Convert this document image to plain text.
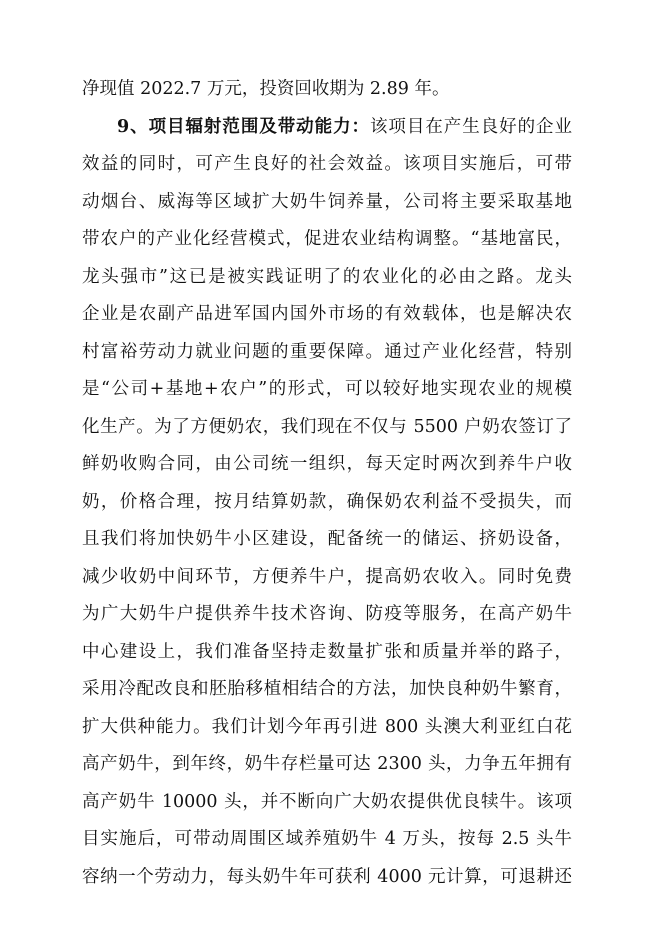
净现值 2022.7 万元，投资回收期为 2.89 年。
9、项目辐射范围及带动能力：该项目在产生良好的企业
效益的同时，可产生良好的社会效益。该项目实施后，可带
动烟台、威海等区域扩大奶牛饲养量，公司将主要采取基地
带农户的产业化经营模式，促进农业结构调整。“基地富民，
龙头强市”这已是被实践证明了的农业化的必由之路。龙头
企业是农副产品进军国内国外市场的有效载体，也是解决农
村富裕劳动力就业问题的重要保障。通过产业化经营，特别
是“公司+基地+农户”的形式，可以较好地实现农业的规模
化生产。为了方便奶农，我们现在不仅与 5500 户奶农签订了
鲜奶收购合同，由公司统一组织，每天定时两次到养牛户收
奶，价格合理，按月结算奶款，确保奶农利益不受损失，而
且我们将加快奶牛小区建设，配备统一的储运、挤奶设备，
减少收奶中间环节，方便养牛户，提高奶农收入。同时免费
为广大奶牛户提供养牛技术咨询、防疫等服务，在高产奶牛
中心建设上，我们准备坚持走数量扩张和质量并举的路子，
采用冷配改良和胚胎移植相结合的方法，加快良种奶牛繁育，
扩大供种能力。我们计划今年再引进 800 头澳大利亚红白花
高产奶牛，到年终，奶牛存栏量可达 2300 头，力争五年拥有
高产奶牛 10000 头，并不断向广大奶农提供优良犊牛。该项
目实施后，可带动周围区域养殖奶牛 4 万头，按每 2.5 头牛
容纳一个劳动力，每头奶牛年可获利 4000 元计算，可退耕还
